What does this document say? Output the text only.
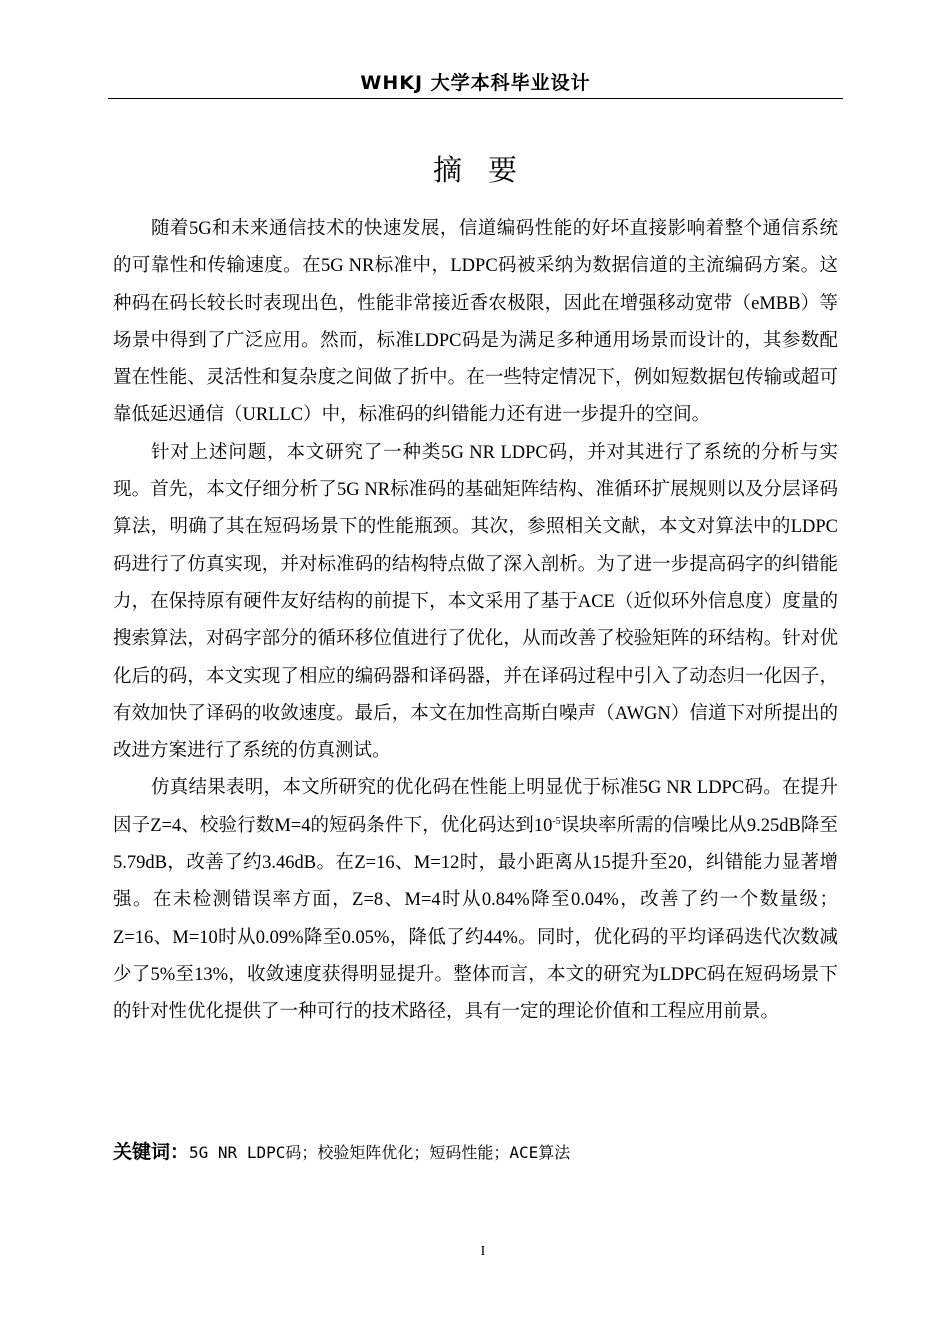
WHKJ 大学本科毕业设计
摘要

随着5G和未来通信技术的快速发展，信道编码性能的好坏直接影响着整个通信系统的可靠性和传输速度。在5G NR标准中，LDPC码被采纳为数据信道的主流编码方案。这种码在码长较长时表现出色，性能非常接近香农极限，因此在增强移动宽带（eMBB）等场景中得到了广泛应用。然而，标准LDPC码是为满足多种通用场景而设计的，其参数配置在性能、灵活性和复杂度之间做了折中。在一些特定情况下，例如短数据包传输或超可靠低延迟通信（URLLC）中，标准码的纠错能力还有进一步提升的空间。

针对上述问题，本文研究了一种类5G NR LDPC码，并对其进行了系统的分析与实现。首先，本文仔细分析了5G NR标准码的基础矩阵结构、准循环扩展规则以及分层译码算法，明确了其在短码场景下的性能瓶颈。其次，参照相关文献，本文对算法中的LDPC码进行了仿真实现，并对标准码的结构特点做了深入剖析。为了进一步提高码字的纠错能力，在保持原有硬件友好结构的前提下，本文采用了基于ACE（近似环外信息度）度量的搜索算法，对码字部分的循环移位值进行了优化，从而改善了校验矩阵的环结构。针对优化后的码，本文实现了相应的编码器和译码器，并在译码过程中引入了动态归一化因子，有效加快了译码的收敛速度。最后，本文在加性高斯白噪声（AWGN）信道下对所提出的改进方案进行了系统的仿真测试。

仿真结果表明，本文所研究的优化码在性能上明显优于标准5G NR LDPC码。在提升因子Z=4、校验行数M=4的短码条件下，优化码达到$10^{-5}$误块率所需的信噪比从9.25dB降至5.79dB，改善了约3.46dB。在Z=16、M=12时，最小距离从15提升至20，纠错能力显著增强。在未检测错误率方面，Z=8、M=4时从0.84%降至0.04%，改善了约一个数量级；Z=16、M=10时从0.09%降至0.05%，降低了约44%。同时，优化码的平均译码迭代次数减少了5%至13%，收敛速度获得明显提升。整体而言，本文的研究为LDPC码在短码场景下的针对性优化提供了一种可行的技术路径，具有一定的理论价值和工程应用前景。

关键词：5G NR LDPC码；校验矩阵优化；短码性能；ACE算法
I
